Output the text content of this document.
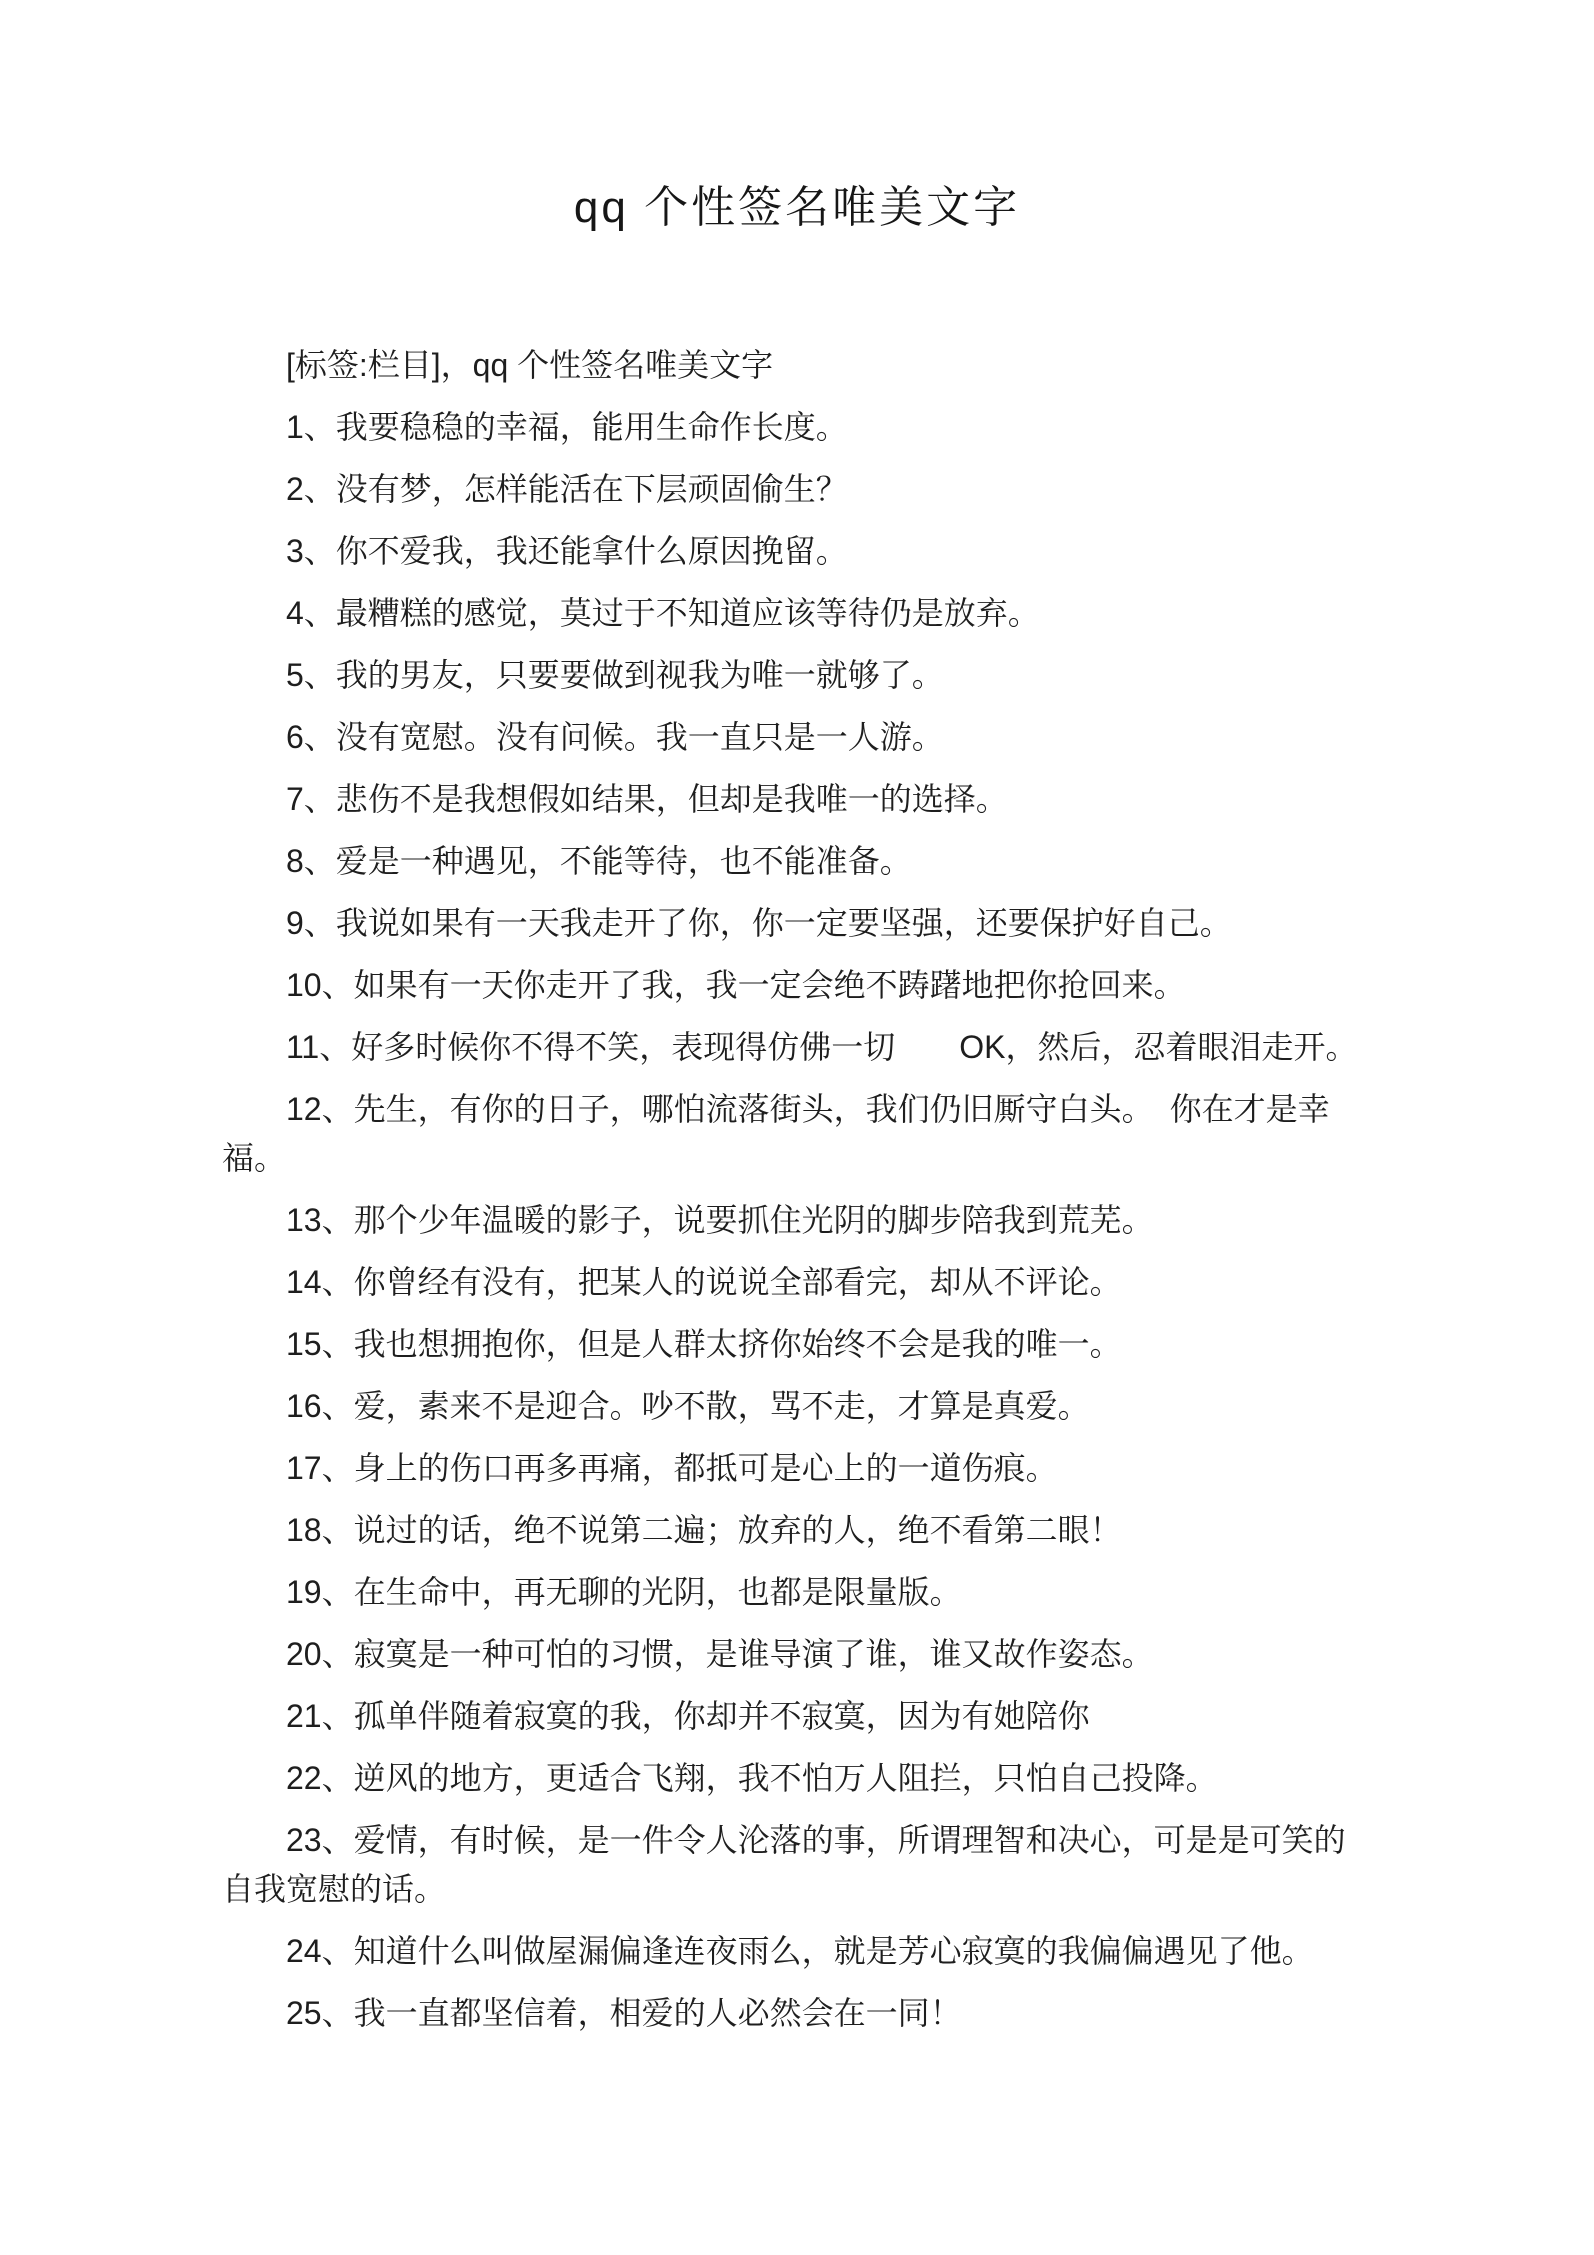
qq 个性签名唯美文字

[标签:栏目]，qq 个性签名唯美文字

1、我要稳稳的幸福，能用生命作长度。

2、没有梦，怎样能活在下层顽固偷生？

3、你不爱我，我还能拿什么原因挽留。

4、最糟糕的感觉，莫过于不知道应该等待仍是放弃。

5、我的男友，只要要做到视我为唯一就够了。

6、没有宽慰。没有问候。我一直只是一人游。

7、悲伤不是我想假如结果，但却是我唯一的选择。

8、爱是一种遇见，不能等待，也不能准备。

9、我说如果有一天我走开了你，你一定要坚强，还要保护好自己。

10、如果有一天你走开了我，我一定会绝不踌躇地把你抢回来。

11、好多时候你不得不笑，表现得仿佛一切　　OK，然后，忍着眼泪走开。

12、先生，有你的日子，哪怕流落街头，我们仍旧厮守白头。　你在才是幸福。

13、那个少年温暖的影子，说要抓住光阴的脚步陪我到荒芜。

14、你曾经有没有，把某人的说说全部看完，却从不评论。

15、我也想拥抱你，但是人群太挤你始终不会是我的唯一。

16、爱，素来不是迎合。吵不散，骂不走，才算是真爱。

17、身上的伤口再多再痛，都抵可是心上的一道伤痕。

18、说过的话，绝不说第二遍；放弃的人，绝不看第二眼！

19、在生命中，再无聊的光阴，也都是限量版。

20、寂寞是一种可怕的习惯，是谁导演了谁，谁又故作姿态。

21、孤单伴随着寂寞的我，你却并不寂寞，因为有她陪你

22、逆风的地方，更适合飞翔，我不怕万人阻拦，只怕自己投降。

23、爱情，有时候，是一件令人沦落的事，所谓理智和决心，可是是可笑的自我宽慰的话。

24、知道什么叫做屋漏偏逢连夜雨么，就是芳心寂寞的我偏偏遇见了他。

25、我一直都坚信着，相爱的人必然会在一同！
